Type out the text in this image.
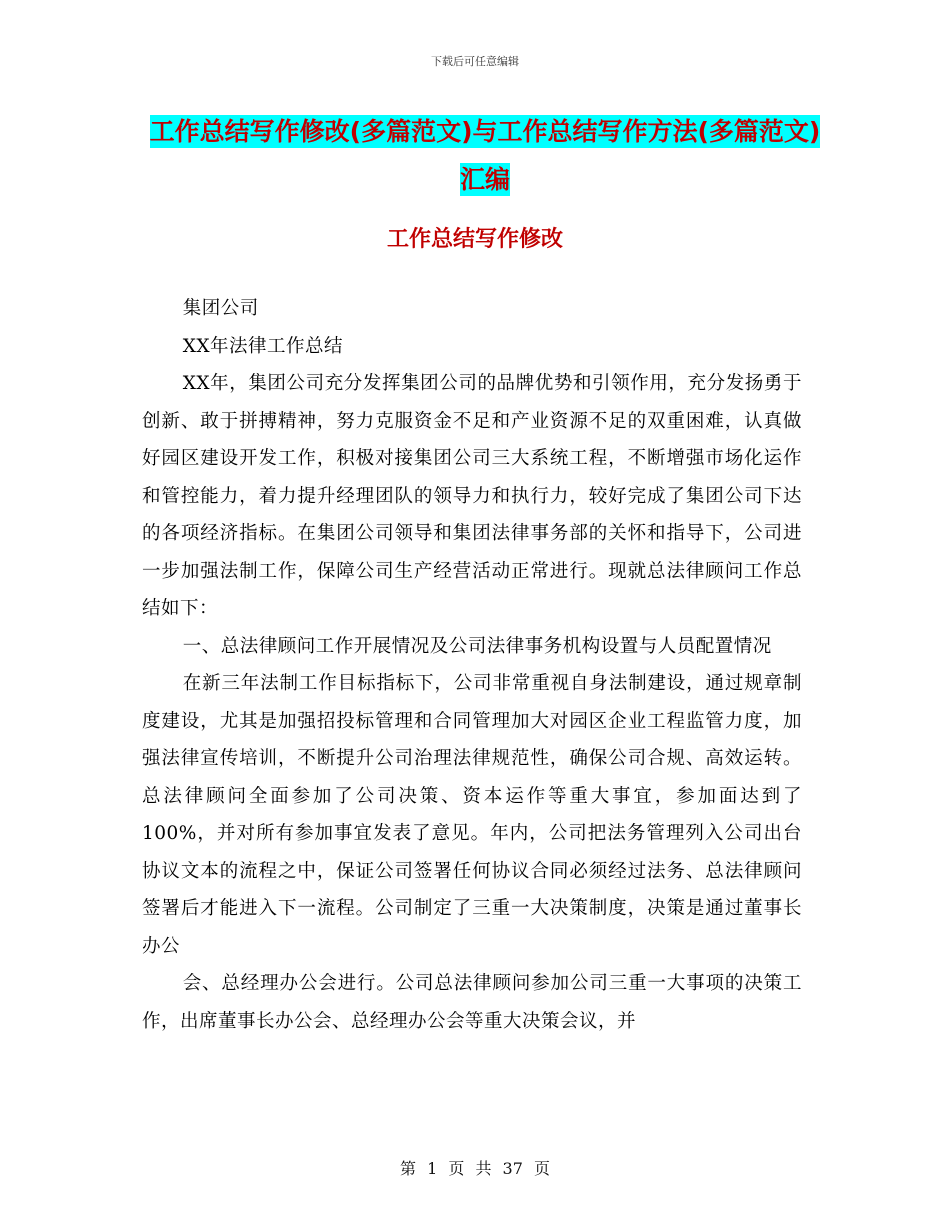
下载后可任意编辑
工作总结写作修改(多篇范文)与工作总结写作方法(多篇范文)汇编
工作总结写作修改

集团公司

XX年法律工作总结

XX年，集团公司充分发挥集团公司的品牌优势和引领作用，充分发扬勇于创新、敢于拼搏精神，努力克服资金不足和产业资源不足的双重困难，认真做好园区建设开发工作，积极对接集团公司三大系统工程，不断增强市场化运作和管控能力，着力提升经理团队的领导力和执行力，较好完成了集团公司下达的各项经济指标。在集团公司领导和集团法律事务部的关怀和指导下，公司进一步加强法制工作，保障公司生产经营活动正常进行。现就总法律顾问工作总结如下：

一、总法律顾问工作开展情况及公司法律事务机构设置与人员配置情况

在新三年法制工作目标指标下，公司非常重视自身法制建设，通过规章制度建设，尤其是加强招投标管理和合同管理加大对园区企业工程监管力度，加强法律宣传培训，不断提升公司治理法律规范性，确保公司合规、高效运转。总法律顾问全面参加了公司决策、资本运作等重大事宜，参加面达到了100%，并对所有参加事宜发表了意见。年内，公司把法务管理列入公司出台协议文本的流程之中，保证公司签署任何协议合同必须经过法务、总法律顾问签署后才能进入下一流程。公司制定了三重一大决策制度，决策是通过董事长办公

会、总经理办公会进行。公司总法律顾问参加公司三重一大事项的决策工作，出席董事长办公会、总经理办公会等重大决策会议，并

第 1 页 共 37 页
